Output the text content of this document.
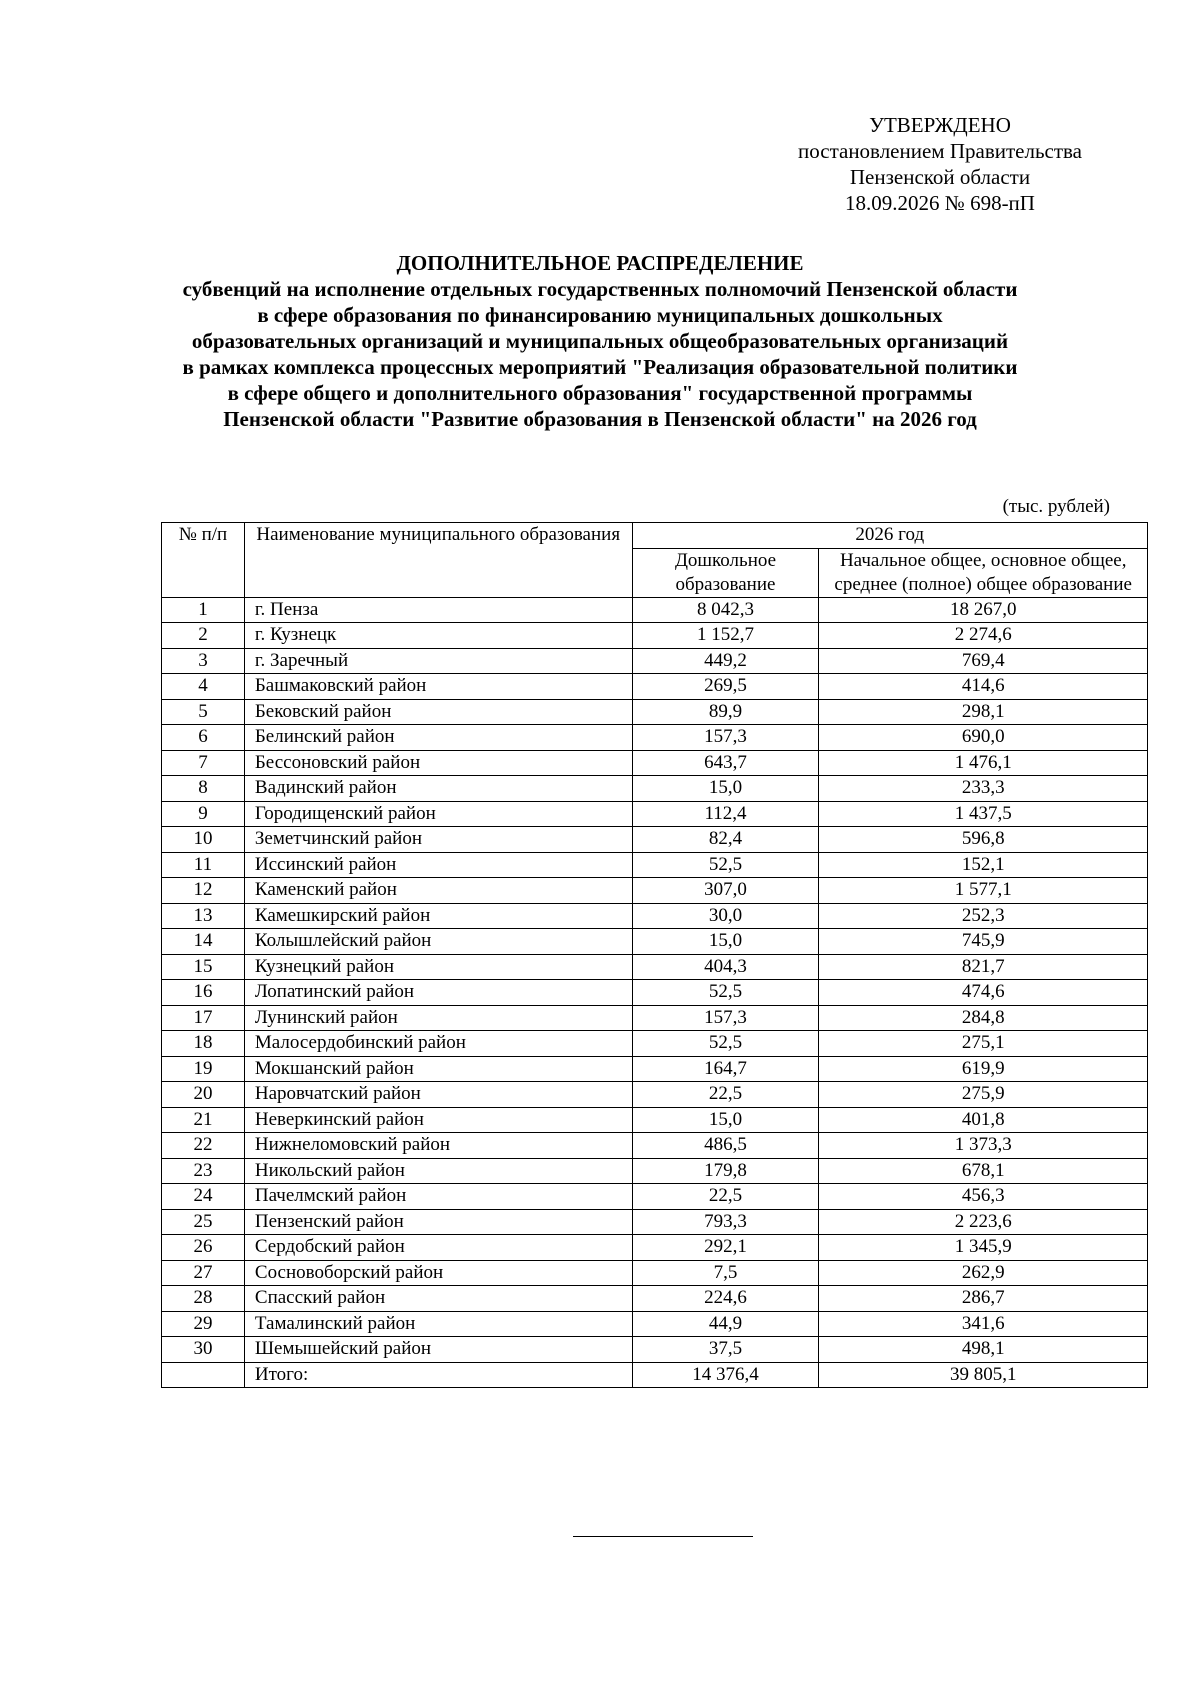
УТВЕРЖДЕНО
постановлением Правительства
Пензенской области
18.09.2026 № 698-пП
ДОПОЛНИТЕЛЬНОЕ РАСПРЕДЕЛЕНИЕ
субвенций на исполнение отдельных государственных полномочий Пензенской области
в сфере образования по финансированию муниципальных дошкольных
образовательных организаций и муниципальных общеобразовательных организаций
в рамках комплекса процессных мероприятий "Реализация образовательной политики
в сфере общего и дополнительного образования" государственной программы
Пензенской области "Развитие образования в Пензенской области" на 2026 год
(тыс. рублей)
№ п/п	Наименование муниципального образования	2026 год	
		Дошкольное образование	Начальное общее, основное общее, среднее (полное) общее образование
1	г. Пенза	8 042,3	18 267,0
2	г. Кузнецк	1 152,7	2 274,6
3	г. Заречный	449,2	769,4
4	Башмаковский район	269,5	414,6
5	Бековский район	89,9	298,1
6	Белинский район	157,3	690,0
7	Бессоновский район	643,7	1 476,1
8	Вадинский район	15,0	233,3
9	Городищенский район	112,4	1 437,5
10	Земетчинский район	82,4	596,8
11	Иссинский район	52,5	152,1
12	Каменский район	307,0	1 577,1
13	Камешкирский район	30,0	252,3
14	Колышлейский район	15,0	745,9
15	Кузнецкий район	404,3	821,7
16	Лопатинский район	52,5	474,6
17	Лунинский район	157,3	284,8
18	Малосердобинский район	52,5	275,1
19	Мокшанский район	164,7	619,9
20	Наровчатский район	22,5	275,9
21	Неверкинский район	15,0	401,8
22	Нижнеломовский район	486,5	1 373,3
23	Никольский район	179,8	678,1
24	Пачелмский район	22,5	456,3
25	Пензенский район	793,3	2 223,6
26	Сердобский район	292,1	1 345,9
27	Сосновоборский район	7,5	262,9
28	Спасский район	224,6	286,7
29	Тамалинский район	44,9	341,6
30	Шемышейский район	37,5	498,1
	Итого:	14 376,4	39 805,1
